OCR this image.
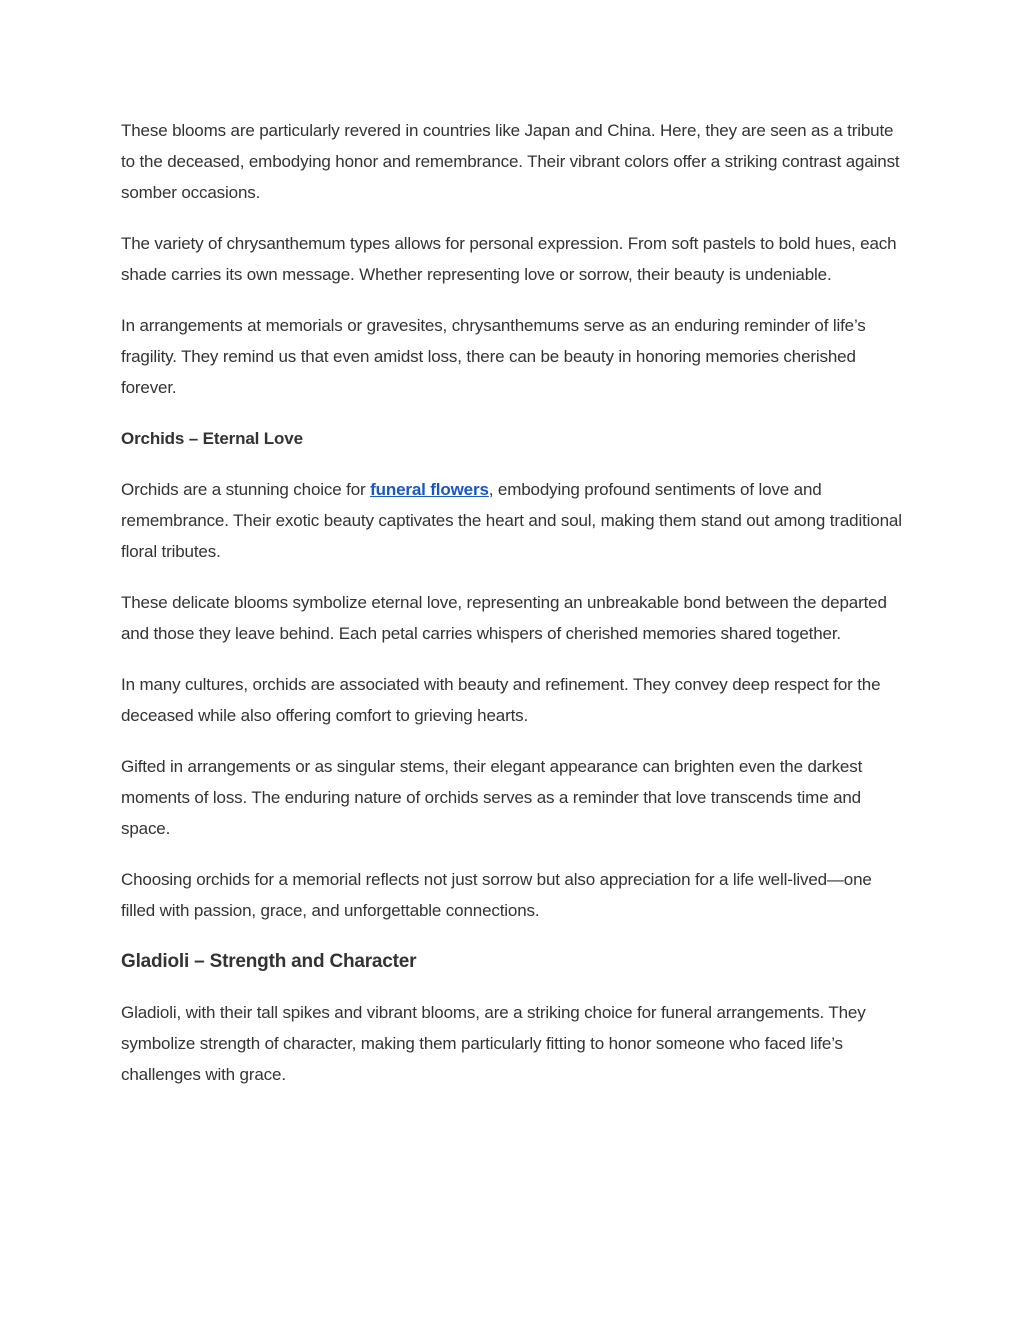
These blooms are particularly revered in countries like Japan and China. Here, they are seen as a tribute to the deceased, embodying honor and remembrance. Their vibrant colors offer a striking contrast against somber occasions.

The variety of chrysanthemum types allows for personal expression. From soft pastels to bold hues, each shade carries its own message. Whether representing love or sorrow, their beauty is undeniable.

In arrangements at memorials or gravesites, chrysanthemums serve as an enduring reminder of life’s fragility. They remind us that even amidst loss, there can be beauty in honoring memories cherished forever.

Orchids – Eternal Love

Orchids are a stunning choice for funeral flowers, embodying profound sentiments of love and remembrance. Their exotic beauty captivates the heart and soul, making them stand out among traditional floral tributes.

These delicate blooms symbolize eternal love, representing an unbreakable bond between the departed and those they leave behind. Each petal carries whispers of cherished memories shared together.

In many cultures, orchids are associated with beauty and refinement. They convey deep respect for the deceased while also offering comfort to grieving hearts.

Gifted in arrangements or as singular stems, their elegant appearance can brighten even the darkest moments of loss. The enduring nature of orchids serves as a reminder that love transcends time and space.

Choosing orchids for a memorial reflects not just sorrow but also appreciation for a life well-lived—one filled with passion, grace, and unforgettable connections.

Gladioli – Strength and Character

Gladioli, with their tall spikes and vibrant blooms, are a striking choice for funeral arrangements. They symbolize strength of character, making them particularly fitting to honor someone who faced life’s challenges with grace.
